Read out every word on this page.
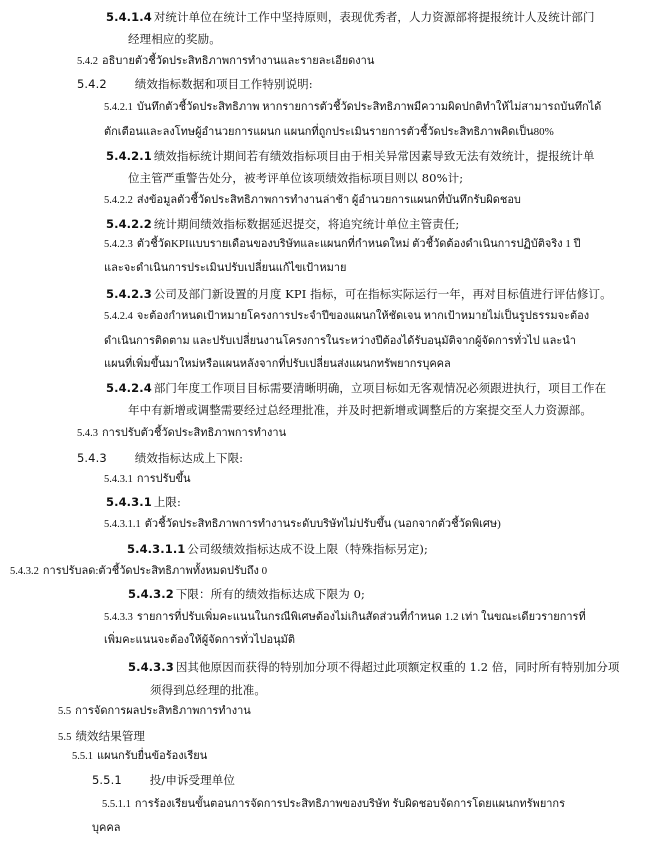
5.4.1.4 对统计单位在统计工作中坚持原则，表现优秀者，人力资源部将提报统计人及统计部门
经理相应的奖励。
5.4.2 อธิบายตัวชี้วัดประสิทธิภาพการทำงานและรายละเอียดงาน
5.4.2 绩效指标数据和项目工作特别说明:
5.4.2.1 บันทึกตัวชี้วัดประสิทธิภาพ หากรายการตัวชี้วัดประสิทธิภาพมีความผิดปกติทำให้ไม่สามารถบันทึกได้
ตักเตือนและลงโทษผู้อำนวยการแผนก แผนกที่ถูกประเมินรายการตัวชี้วัดประสิทธิภาพคิดเป็น80%
5.4.2.1 绩效指标统计期间若有绩效指标项目由于相关异常因素导致无法有效统计，提报统计单
位主管严重警告处分，被考评单位该项绩效指标项目则以 80%计;
5.4.2.2 ส่งข้อมูลตัวชี้วัดประสิทธิภาพการทำงานล่าช้า ผู้อำนวยการแผนกที่บันทึกรับผิดชอบ
5.4.2.2 统计期间绩效指标数据延迟提交，将追究统计单位主管责任;
5.4.2.3 ตัวชี้วัดKPIแบบรายเดือนของบริษัทและแผนกที่กำหนดใหม่ ตัวชี้วัดต้องดำเนินการปฏิบัติจริง 1 ปี
และจะดำเนินการประเมินปรับเปลี่ยนแก้ไขเป้าหมาย
5.4.2.3 公司及部门新设置的月度 KPI 指标，可在指标实际运行一年，再对目标值进行评估修订。
5.4.2.4 จะต้องกำหนดเป้าหมายโครงการประจำปีของแผนกให้ชัดเจน หากเป้าหมายไม่เป็นรูปธรรมจะต้อง
ดำเนินการติดตาม และปรับเปลี่ยนงานโครงการในระหว่างปีต้องได้รับอนุมัติจากผู้จัดการทั่วไป และนำ
แผนที่เพิ่มขึ้นมาใหม่หรือแผนหลังจากที่ปรับเปลี่ยนส่งแผนกทรัพยากรบุคคล
5.4.2.4 部门年度工作项目目标需要清晰明确，立项目标如无客观情况必须跟进执行，项目工作在
年中有新增或调整需要经过总经理批准，并及时把新增或调整后的方案提交至人力资源部。
5.4.3 การปรับตัวชี้วัดประสิทธิภาพการทำงาน
5.4.3 绩效指标达成上下限:
5.4.3.1 การปรับขึ้น
5.4.3.1 上限:
5.4.3.1.1 ตัวชี้วัดประสิทธิภาพการทำงานระดับบริษัทไม่ปรับขึ้น (นอกจากตัวชี้วัดพิเศษ)
5.4.3.1.1 公司级绩效指标达成不设上限（特殊指标另定);
5.4.3.2 การปรับลด:ตัวชี้วัดประสิทธิภาพทั้งหมดปรับถึง 0
5.4.3.2 下限：所有的绩效指标达成下限为 0;
5.4.3.3 รายการที่ปรับเพิ่มคะแนนในกรณีพิเศษต้องไม่เกินสัดส่วนที่กำหนด 1.2 เท่า ในขณะเดียวรายการที่
เพิ่มคะแนนจะต้องให้ผู้จัดการทั่วไปอนุมัติ
5.4.3.3 因其他原因而获得的特别加分项不得超过此项额定权重的 1.2 倍，同时所有特别加分项
须得到总经理的批准。
5.5 การจัดการผลประสิทธิภาพการทำงาน
5.5 绩效结果管理
5.5.1 แผนกรับยื่นข้อร้องเรียน
5.5.1 投/申诉受理单位
5.5.1.1 การร้องเรียนขั้นตอนการจัดการประสิทธิภาพของบริษัท รับผิดชอบจัดการโดยแผนกทรัพยากร
บุคคล
